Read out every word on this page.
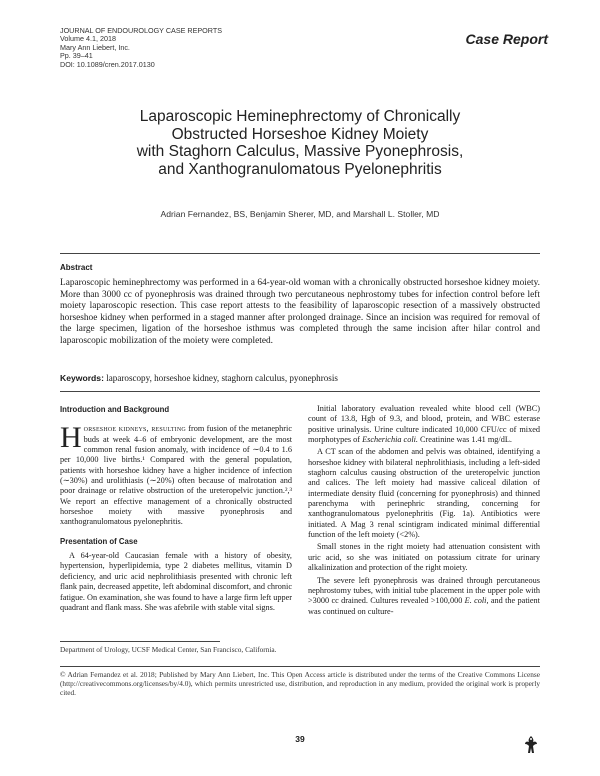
JOURNAL OF ENDOUROLOGY CASE REPORTS
Volume 4.1, 2018
Mary Ann Liebert, Inc.
Pp. 39–41
DOI: 10.1089/cren.2017.0130
Case Report
Laparoscopic Heminephrectomy of Chronically
Obstructed Horseshoe Kidney Moiety
with Staghorn Calculus, Massive Pyonephrosis,
and Xanthogranulomatous Pyelonephritis
Adrian Fernandez, BS, Benjamin Sherer, MD, and Marshall L. Stoller, MD
Abstract
Laparoscopic heminephrectomy was performed in a 64-year-old woman with a chronically obstructed horseshoe kidney moiety. More than 3000 cc of pyonephrosis was drained through two percutaneous nephrostomy tubes for infection control before left moiety laparoscopic resection. This case report attests to the feasibility of laparoscopic resection of a massively obstructed horseshoe kidney when performed in a staged manner after prolonged drainage. Since an incision was required for removal of the large specimen, ligation of the horseshoe isthmus was completed through the same incision after hilar control and laparoscopic mobilization of the moiety were completed.
Keywords: laparoscopy, horseshoe kidney, staghorn calculus, pyonephrosis
Introduction and Background

Horseshoe kidneys, resulting from fusion of the metanephric buds at week 4–6 of embryonic development, are the most common renal fusion anomaly, with incidence of ∼0.4 to 1.6 per 10,000 live births.¹ Compared with the general population, patients with horseshoe kidney have a higher incidence of infection (∼30%) and urolithiasis (∼20%) often because of malrotation and poor drainage or relative obstruction of the ureteropelvic junction.²,³ We report an effective management of a chronically obstructed horseshoe moiety with massive pyonephrosis and xanthogranulomatous pyelonephritis.

Presentation of Case

A 64-year-old Caucasian female with a history of obesity, hypertension, hyperlipidemia, type 2 diabetes mellitus, vitamin D deficiency, and uric acid nephrolithiasis presented with chronic left flank pain, decreased appetite, left abdominal discomfort, and chronic fatigue. On examination, she was found to have a large firm left upper quadrant and flank mass. She was afebrile with stable vital signs.

Initial laboratory evaluation revealed white blood cell (WBC) count of 13.8, Hgb of 9.3, and blood, protein, and WBC esterase positive urinalysis. Urine culture indicated 10,000 CFU/cc of mixed morphotypes of Escherichia coli. Creatinine was 1.41 mg/dL.

A CT scan of the abdomen and pelvis was obtained, identifying a horseshoe kidney with bilateral nephrolithiasis, including a left-sided staghorn calculus causing obstruction of the ureteropelvic junction and calices. The left moiety had massive caliceal dilation of intermediate density fluid (concerning for pyonephrosis) and thinned parenchyma with perinephric stranding, concerning for xanthogranulomatous pyelonephritis (Fig. 1a). Antibiotics were initiated. A Mag 3 renal scintigram indicated minimal differential function of the left moiety (<2%).

Small stones in the right moiety had attenuation consistent with uric acid, so she was initiated on potassium citrate for urinary alkalinization and protection of the right moiety.

The severe left pyonephrosis was drained through percutaneous nephrostomy tubes, with initial tube placement in the upper pole with >3000 cc drained. Cultures revealed >100,000 E. coli, and the patient was continued on culture-

Department of Urology, UCSF Medical Center, San Francisco, California.
© Adrian Fernandez et al. 2018; Published by Mary Ann Liebert, Inc. This Open Access article is distributed under the terms of the Creative Commons License (http://creativecommons.org/licenses/by/4.0), which permits unrestricted use, distribution, and reproduction in any medium, provided the original work is properly cited.
39
